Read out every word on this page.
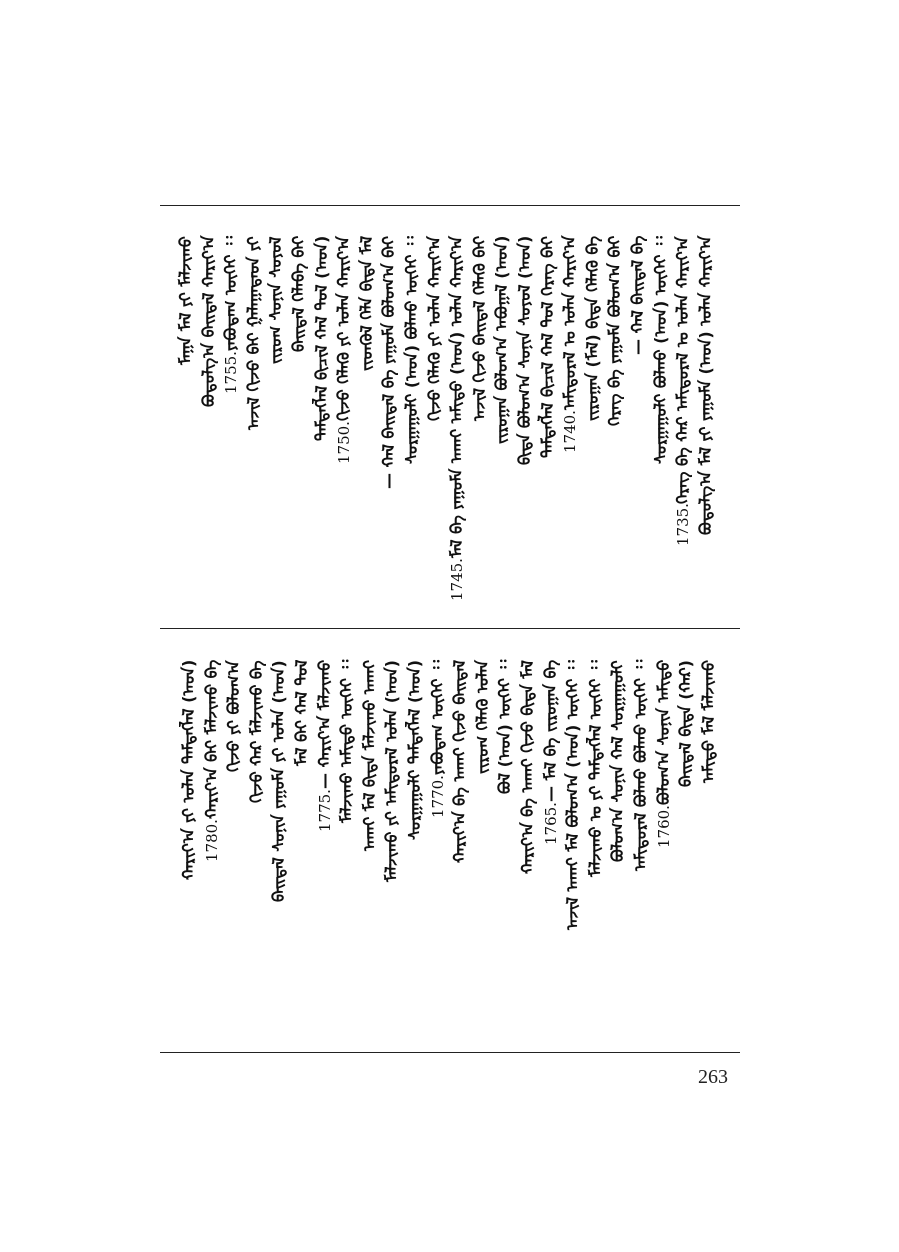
ᠮᠠᠬ᠋ᠠ ᠮᠠᠯ ᠶᠢ ᠮᠠᠯᠵᠢᠬᠤ ᠪᠣᠳᠣᠯᠭ᠎ᠠ ᠪᠠᠢᠳᠠᠯ ᠬᠠᠷᠢᠶ᠎ᠠ 1755.
ᠶᠠᠪᠤᠳᠠᠭ ᠦᠭᠡᠢ ᠄᠄ ᠠᠵᠢᠯ ᠬᠢᠵᠦ ᠪᠠᠢ ᠭᠠᠯᠠᠭᠠᠳᠠᠳ ᠶᠢ ᠵᠢᠷᠤᠭ ᠰᠣᠨᠢᠨ ᠰᠣᠶᠤᠯ ᠪᠠᠢᠳᠠᠯ ᠬᠡᠯᠡᠪᠡ ᠪᠠᠢ ᠲᠡᠮᠳᠡᠭᠯᠡᠯ ᠪᠢᠴᠢᠯ ᠬᠠᠯ ᠳᠤᠯ (ᠠᠳ)
1750.
ᠬᠢᠵᠦ ᠬᠡᠯᠡᠬᠦ ᠶᠢ ᠣᠯᠠᠨ ᠬᠠᠷᠢᠶ᠎ᠠ ᠵᠢᠳᠬᠦᠯ ᠬᠡᠯᠡ ᠪᠢᠳᠡ ᠮᠠᠯ — ᠬᠠᠯ ᠪᠠᠢᠳᠠᠯ ᠪᠡ ᠶᠠᠭᠤᠮᠠ ᠪᠣᠯᠣᠭ᠎ᠠ ᠪᠠᠢ ᠰᠤᠷᠭᠠᠭᠤᠯᠢ (ᠠᠳ) ᠪᠣᠯᠬᠤ ᠦᠭᠡᠢ ᠄᠄ ᠬᠢᠵᠦ ᠬᠡᠯᠡᠬᠦ ᠶᠢ ᠣᠯᠠᠨ ᠬᠠᠷᠢᠶ᠎ᠠ
1745.
ᠮᠠᠯ ᠪᠡ ᠶᠠᠭᠤᠮᠠ ᠠᠬᠠᠢ ᠠᠮᠢᠳᠤ (ᠠᠳ) ᠣᠯᠠᠨ ᠬᠠᠷᠢᠶ᠎ᠠ ᠠᠵᠢᠯ ᠬᠢᠵᠦ ᠪᠠᠢᠳᠠᠯ ᠬᠡᠯᠡᠬᠦ ᠪᠠᠢ ᠵᠢᠷᠤᠭᠠᠨ ᠪᠣᠯᠣᠭ᠎ᠠ ᠠᠪᠤᠭᠠᠯ (ᠠᠳ) ᠪᠢᠳᠡ ᠪᠣᠯᠣᠭ᠎ᠠ ᠰᠣᠨᠢᠨ ᠰᠣᠶᠤᠯ (ᠠᠳ) ᠲᠡᠮᠳᠡᠭᠯᠡᠯ ᠪᠢᠴᠢᠯ ᠬᠠᠯ ᠳᠤᠯ ᠬᠡᠷᠡᠭ ᠪᠠᠢ 1740.
ᠠᠮᠢᠳᠤᠷᠠᠯ ᠤ ᠣᠯᠠᠨ ᠬᠠᠷᠢᠶ᠎ᠠ ᠵᠢᠷᠤᠭᠠᠨ (ᠮᠠᠯ) ᠪᠢᠳᠡ ᠬᠡᠯᠡᠬᠦ ᠪᠡ ᠬᠡᠷᠡᠭ ᠪᠡ ᠶᠠᠭᠤᠮᠠ ᠪᠣᠯᠣᠭ᠎ᠠ ᠪᠠᠢ — ᠬᠠᠯ ᠪᠠᠢᠳᠠᠯ ᠪᠡ ᠰᠤᠷᠭᠠᠭᠤᠯᠢ ᠪᠣᠯᠬᠤ (ᠠᠳ) ᠦᠭᠡᠢ ᠄᠄
1735.
ᠬᠡᠷᠡᠭ ᠪᠡ ᠬᠠᠷ ᠠᠮᠢᠳᠤᠷᠠᠯ ᠤ ᠣᠯᠠᠨ ᠬᠠᠷᠢᠶ᠎ᠠ ᠪᠣᠳᠣᠯᠭ᠎ᠠ ᠮᠠᠯ ᠶᠢ ᠶᠠᠭᠤᠮᠠ (ᠠᠳ) ᠣᠯᠠᠨ ᠬᠠᠷᠢᠶ᠎ᠠ
ᠬᠠᠷᠢᠶ᠎ᠠ ᠶᠢ ᠣᠯᠠᠨ ᠲᠡᠮᠳᠡᠭᠯᠡᠯ (ᠠᠳ) 1780.
ᠬᠠᠷᠢᠶ᠎ᠠ ᠪᠠᠢ ᠮᠠᠯᠵᠢᠬᠤ ᠪᠡ ᠬᠢᠵᠦ ᠶᠢ ᠪᠣᠯᠣᠭ᠎ᠠ ᠬᠢᠵᠦ ᠬᠠᠷ ᠮᠠᠯᠵᠢᠬᠤ ᠪᠡ ᠪᠠᠢᠳᠠᠯ ᠰᠣᠨᠢᠨ ᠶᠠᠭᠤᠮᠠ ᠶᠢ ᠣᠯᠠᠨ (ᠠᠳ) ᠮᠠᠯ ᠪᠠᠢ ᠬᠠᠯ ᠳᠤᠯ
1775.
— ᠬᠠᠷᠢᠶ᠎ᠠ ᠮᠠᠯᠵᠢᠬᠤ ᠮᠠᠯᠵᠢᠬᠤ ᠠᠮᠢᠳᠤ ᠦᠭᠡᠢ ᠄᠄ ᠠᠬᠠᠢ ᠮᠠᠯ ᠪᠢᠳᠡ ᠮᠠᠯᠵᠢᠬᠤ ᠠᠬᠠᠢ ᠮᠠᠯᠵᠢᠬᠤ ᠶᠢ ᠠᠮᠢᠳᠤᠷᠠᠯ ᠣᠯᠠᠨ (ᠠᠳ) ᠰᠤᠷᠭᠠᠭᠤᠯᠢ ᠲᠡᠮᠳᠡᠭᠯᠡᠯ (ᠠᠳ) 1770.
ᠶᠠᠪᠤᠳᠠᠭ ᠦᠭᠡᠢ ᠄᠄ ᠬᠠᠷᠢᠶ᠎ᠠ ᠪᠡ ᠠᠬᠠᠢ ᠬᠢᠵᠦ ᠪᠠᠢᠳᠠᠯ ᠵᠢᠷᠤᠭ ᠬᠡᠯᠡᠬᠦ ᠣᠯᠠᠨ ᠪᠣᠯ (ᠠᠳ) ᠦᠭᠡᠢ ᠄᠄ ᠬᠠᠷᠢᠶ᠎ᠠ ᠪᠡ ᠠᠬᠠᠢ ᠬᠢᠵᠦ ᠪᠢᠳᠡ ᠮᠠᠯ 1765.
— ᠮᠠᠯ ᠪᠡ ᠵᠢᠷᠤᠭᠠᠨ ᠪᠡ ᠠᠵᠢᠯ ᠠᠬᠠᠢ ᠮᠠᠯ ᠪᠣᠯᠣᠭ᠎ᠠ (ᠠᠳ) ᠦᠭᠡᠢ ᠄᠄ ᠮᠠᠯᠵᠢᠬᠤ ᠤ ᠶᠢ ᠲᠡᠮᠳᠡᠭᠯᠡᠯ ᠦᠭᠡᠢ ᠄᠄ ᠪᠣᠯᠣᠭ᠎ᠠ ᠰᠣᠨᠢᠨ ᠬᠠᠯ ᠰᠤᠷᠭᠠᠭᠤᠯᠢ ᠠᠮᠢᠳᠤᠷᠠᠯ ᠪᠣᠯᠬᠤ ᠪᠣᠯᠬᠤ ᠦᠭᠡᠢ ᠄᠄ 1760.
ᠪᠣᠯᠣᠭ᠎ᠠ ᠰᠣᠨᠢᠨ ᠠᠮᠢᠳᠤ ᠪᠠᠢᠳᠠᠯ ᠪᠢᠳᠡ (ᠬᠠᠷ) ᠠᠮᠢᠳᠤ ᠮᠠᠯ ᠮᠠᠯᠵᠢᠬᠤ
263
